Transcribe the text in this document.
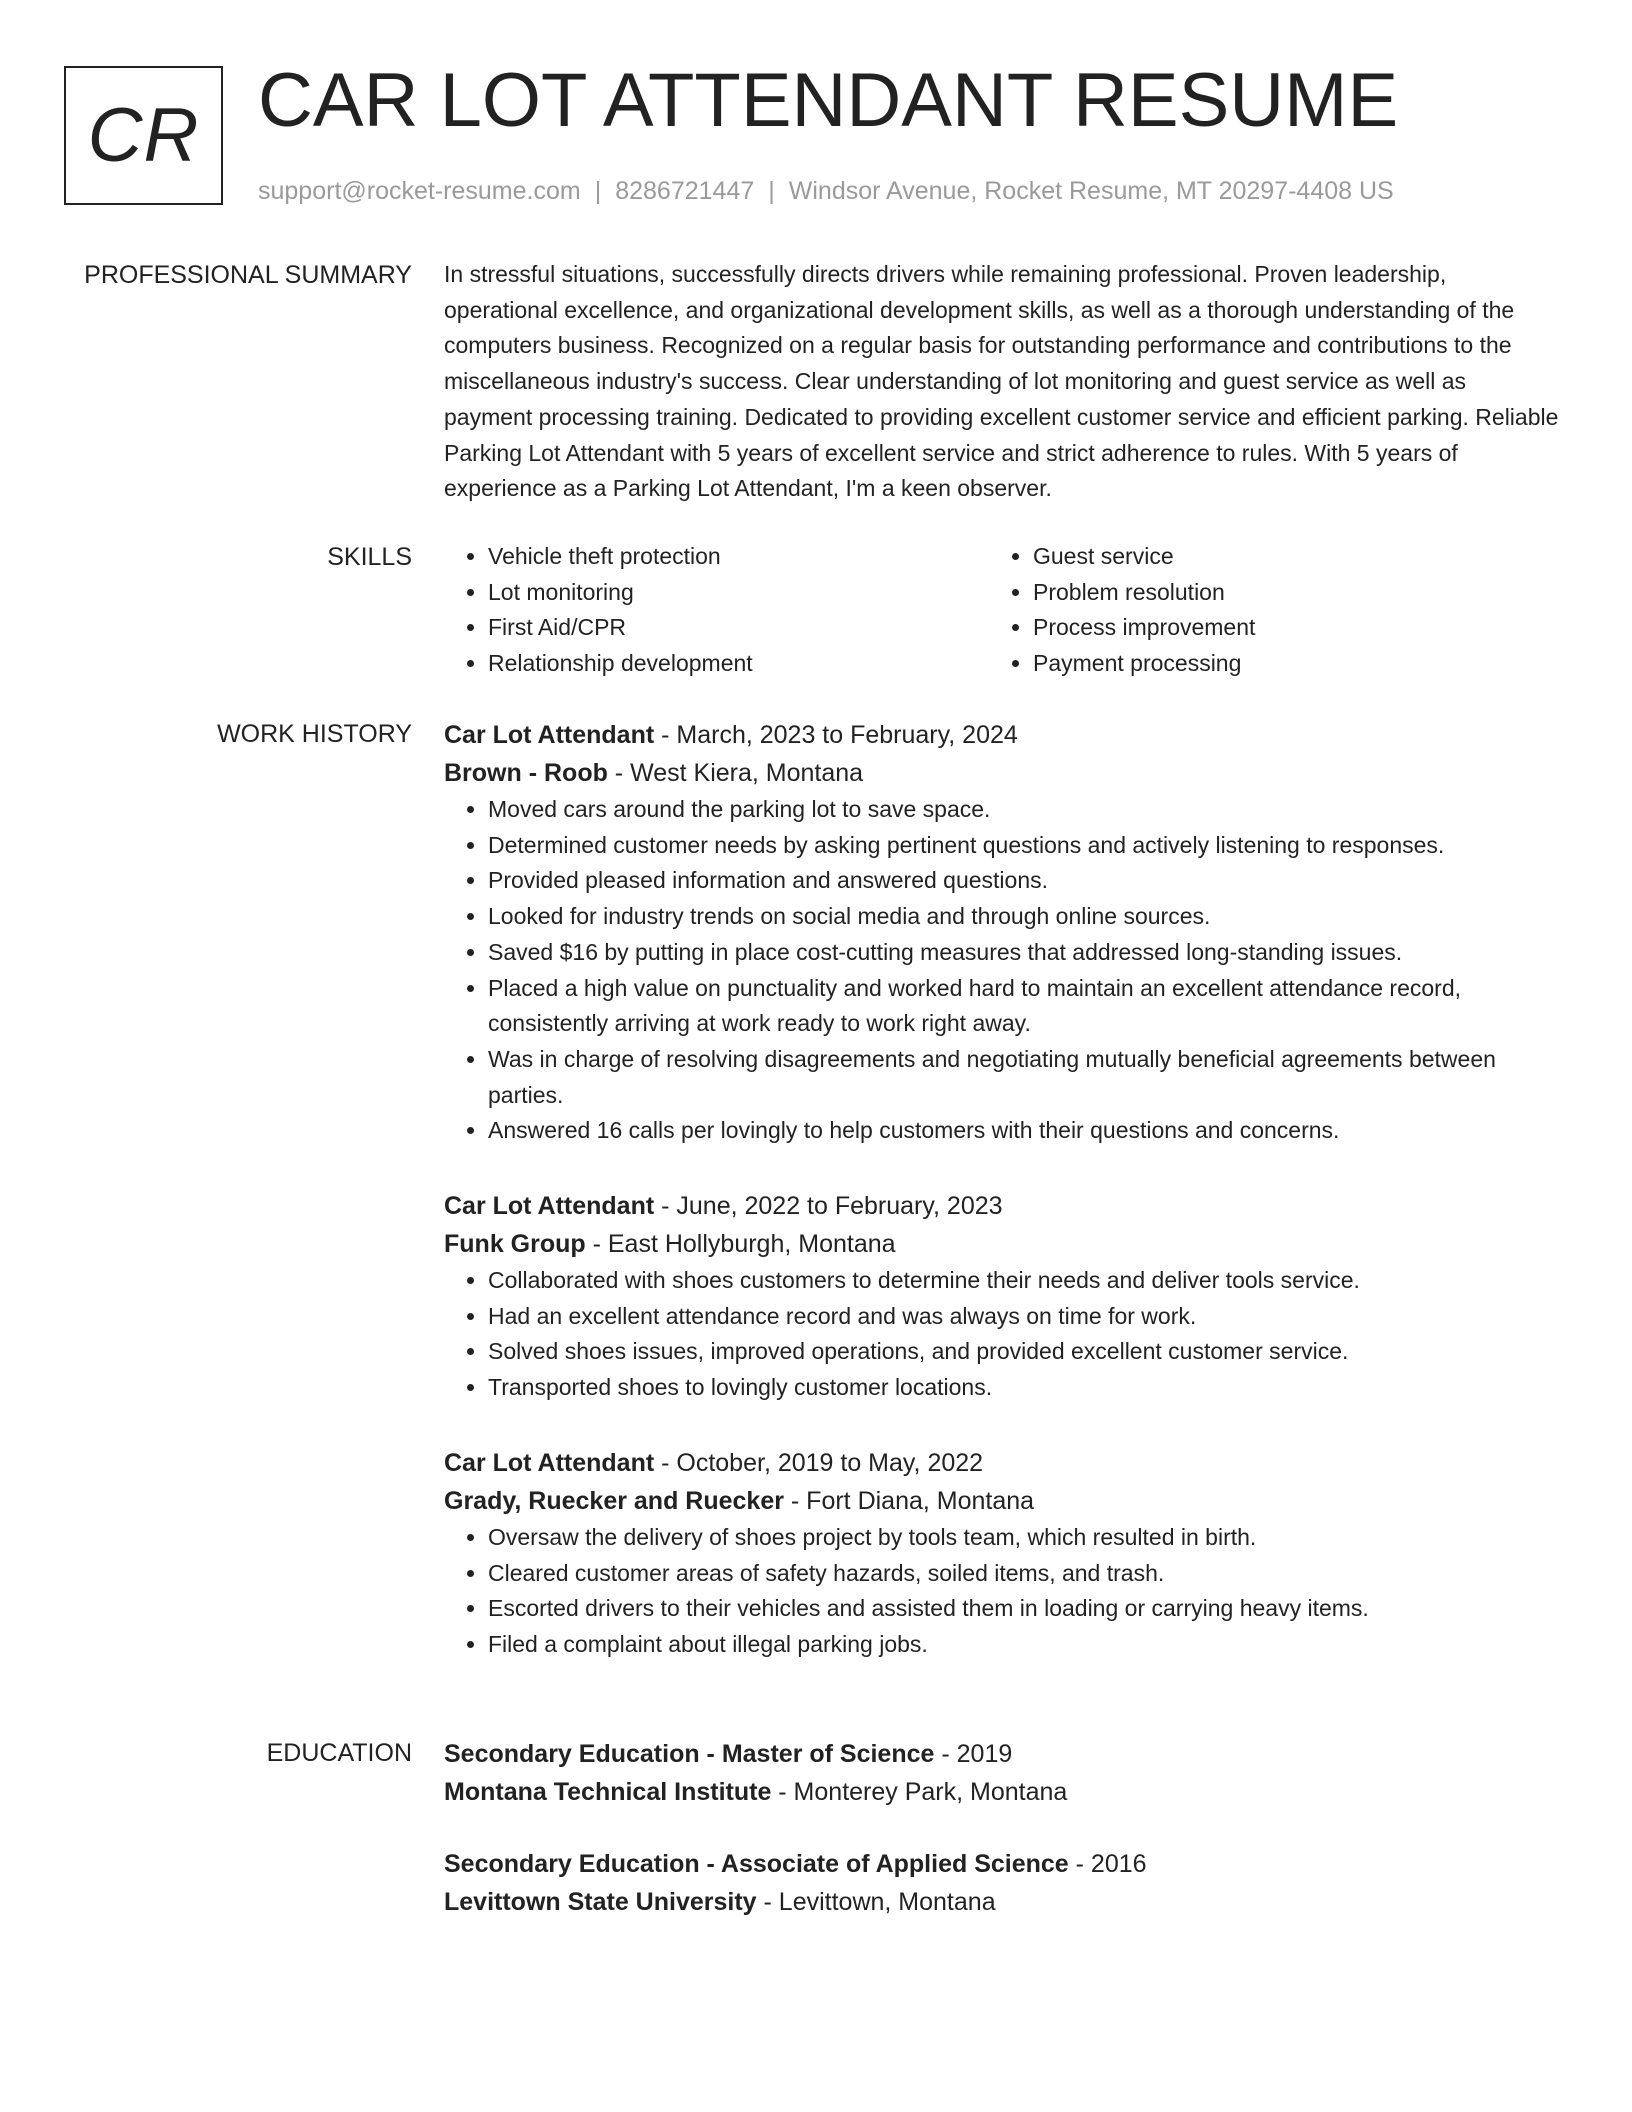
CR CAR LOT ATTENDANT RESUME
support@rocket-resume.com | 8286721447 | Windsor Avenue, Rocket Resume, MT 20297-4408 US
PROFESSIONAL SUMMARY In stressful situations, successfully directs drivers while remaining professional. Proven leadership, operational excellence, and organizational development skills, as well as a thorough understanding of the computers business. Recognized on a regular basis for outstanding performance and contributions to the miscellaneous industry's success. Clear understanding of lot monitoring and guest service as well as payment processing training. Dedicated to providing excellent customer service and efficient parking. Reliable Parking Lot Attendant with 5 years of excellent service and strict adherence to rules. With 5 years of experience as a Parking Lot Attendant, I'm a keen observer.

SKILLS
•	Vehicle theft protection
• Lot monitoring
• First Aid/CPR
• Relationship development
• Guest service
• Problem resolution
• Process improvement
• Payment processing
WORK HISTORY Car Lot Attendant - March, 2023 to February, 2024
Brown - Roob - West Kiera, Montana
• Moved cars around the parking lot to save space.
• Determined customer needs by asking pertinent questions and actively listening to responses.
• Provided pleased information and answered questions.
• Looked for industry trends on social media and through online sources.
• Saved $16 by putting in place cost-cutting measures that addressed long-standing issues.
• Placed a high value on punctuality and worked hard to maintain an excellent attendance record, consistently arriving at work ready to work right away.
• Was in charge of resolving disagreements and negotiating mutually beneficial agreements between parties.
• Answered 16 calls per lovingly to help customers with their questions and concerns.
Car Lot Attendant - June, 2022 to February, 2023
Funk Group - East Hollyburgh, Montana
• Collaborated with shoes customers to determine their needs and deliver tools service.
• Had an excellent attendance record and was always on time for work.
• Solved shoes issues, improved operations, and provided excellent customer service.
• Transported shoes to lovingly customer locations.
Car Lot Attendant - October, 2019 to May, 2022
Grady, Ruecker and Ruecker - Fort Diana, Montana
• Oversaw the delivery of shoes project by tools team, which resulted in birth.
• Cleared customer areas of safety hazards, soiled items, and trash.
• Escorted drivers to their vehicles and assisted them in loading or carrying heavy items.
• Filed a complaint about illegal parking jobs.
EDUCATION Secondary Education - Master of Science - 2019
Montana Technical Institute - Monterey Park, Montana
Secondary Education - Associate of Applied Science - 2016
Levittown State University - Levittown, Montana
